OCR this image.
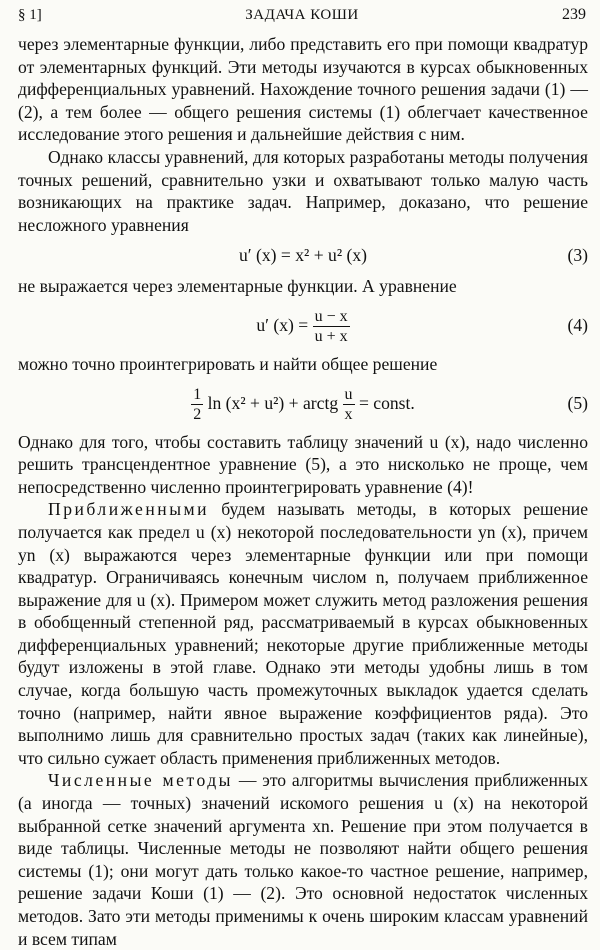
§ 1]	ЗАДАЧА КОШИ	239

через элементарные функции, либо представить его при помощи квадратур от элементарных функций. Эти методы изучаются в курсах обыкновенных дифференциальных уравнений. Нахождение точного решения задачи (1) — (2), а тем более — общего решения системы (1) облегчает качественное исследование этого решения и дальнейшие действия с ним.

Однако классы уравнений, для которых разработаны методы получения точных решений, сравнительно узки и охватывают только малую часть возникающих на практике задач. Например, доказано, что решение несложного уравнения

u′ (x) = x² + u² (x)	(3)

не выражается через элементарные функции. А уравнение

u′ $(x) = \frac{u - x}{u + x}$	(4)

можно точно проинтегрировать и найти общее решение

$\frac{1}{2}$ ln (x² + u²) + arctg $\frac{u}{x}$ = const.	(5)

Однако для того, чтобы составить таблицу значений u (x), надо численно решить трансцендентное уравнение (5), а это нисколько не проще, чем непосредственно численно проинтегрировать уравнение (4)!

Приближенными будем называть методы, в которых решение получается как предел u (x) некоторой последовательности yn (x), причем yn (x) выражаются через элементарные функции или при помощи квадратур. Ограничиваясь конечным числом n, получаем приближенное выражение для u (x). Примером может служить метод разложения решения в обобщенный степенной ряд, рассматриваемый в курсах обыкновенных дифференциальных уравнений; некоторые другие приближенные методы будут изложены в этой главе. Однако эти методы удобны лишь в том случае, когда большую часть промежуточных выкладок удается сделать точно (например, найти явное выражение коэффициентов ряда). Это выполнимо лишь для сравнительно простых задач (таких как линейные), что сильно сужает область применения приближенных методов.

Численные методы — это алгоритмы вычисления приближенных (а иногда — точных) значений искомого решения u (x) на некоторой выбранной сетке значений аргумента xn. Решение при этом получается в виде таблицы. Численные методы не позволяют найти общего решения системы (1); они могут дать только какое-то частное решение, например, решение задачи Коши (1) — (2). Это основной недостаток численных методов. Зато эти методы применимы к очень широким классам уравнений и всем типам
